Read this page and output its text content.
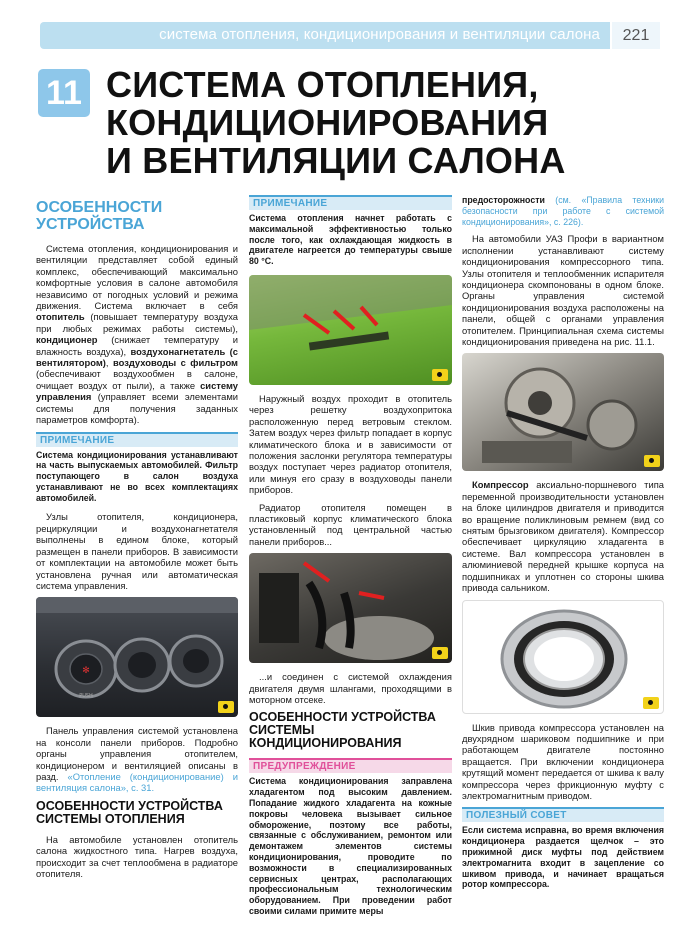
система отопления, кондиционирования и вентиляции салона	221
11 СИСТЕМА ОТОПЛЕНИЯ,
КОНДИЦИОНИРОВАНИЯ
И ВЕНТИЛЯЦИИ САЛОНА
ОСОБЕННОСТИ
УСТРОЙСТВА

Система отопления, кондиционирования и вентиляции представляет собой единый комплекс, обеспечивающий максимально комфортные условия в салоне автомобиля независимо от погодных условий и режима движения. Система включает в себя отопитель (повышает температуру воздуха при любых режимах работы системы), кондиционер (снижает температуру и влажность воздуха), воздухонагнетатель (с вентилятором), воздуховоды с фильтром (обеспечивают воздухообмен в салоне, очищает воздух от пыли), а также систему управления (управляет всеми элементами системы для получения заданных параметров комфорта).

ПРИМЕЧАНИЕ

Система кондиционирования устанавливают на часть выпускаемых автомобилей. Фильтр поступающего в салон воздуха устанавливают не во всех комплектациях автомобилей.

Узлы отопителя, кондиционера, рециркуляции и воздухонагнетателя выполнены в едином блоке, который размещен в панели приборов. В зависимости от комплектации на автомобиле может быть установлена ручная или автоматическая система управления.

✻
PUSH

Панель управления системой установлена на консоли панели приборов. Подробно органы управления отопителем, кондиционером и вентиляцией описаны в разд. «Отопление (кондиционирование) и вентиляция салона», с. 31.

ОСОБЕННОСТИ УСТРОЙСТВА
СИСТЕМЫ ОТОПЛЕНИЯ

На автомобиле установлен отопитель салона жидкостного типа. Нагрев воздуха, происходит за счет теплообмена в радиаторе отопителя.

ПРИМЕЧАНИЕ

Система отопления начнет работать с максимальной эффективностью только после того, как охлаждающая жидкость в двигателе нагреется до температуры свыше 80 °C.

Наружный воздух проходит в отопитель через решетку воздухопритока расположенную перед ветровым стеклом. Затем воздух через фильтр попадает в корпус климатического блока и в зависимости от положения заслонки регулятора температуры воздух поступает через радиатор отопителя, или минуя его сразу в воздуховоды панели приборов.

Радиатор отопителя помещен в пластиковый корпус климатического блока установленный под центральной частью панели приборов...

...и соединен с системой охлаждения двигателя двумя шлангами, проходящими в моторном отсеке.

ОСОБЕННОСТИ УСТРОЙСТВА
СИСТЕМЫ
КОНДИЦИОНИРОВАНИЯ
ПРЕДУПРЕЖДЕНИЕ

Система кондиционирования заправлена хладагентом под высоким давлением. Попадание жидкого хладагента на кожные покровы человека вызывает сильное обморожение, поэтому все работы, связанные с обслуживанием, ремонтом или демонтажем элементов системы кондиционирования, проводите по возможности в специализированных сервисных центрах, располагающих профессиональным технологическим оборудованием. При проведении работ своими силами примите меры

предосторожности (см. «Правила техники безопасности при работе с системой кондиционирования», с. 226).

На автомобили УАЗ Профи в вариантном исполнении устанавливают систему кондиционирования компрессорного типа. Узлы отопителя и теплообменник испарителя кондиционера скомпонованы в одном блоке. Органы управления системой кондиционирования воздуха расположены на панели, общей с органами управления отопителем. Принципиальная схема системы кондиционирования приведена на рис. 11.1.

Компрессор аксиально-поршневого типа переменной производительности установлен на блоке цилиндров двигателя и приводится во вращение поликлиновым ремнем (вид со снятым брызговиком двигателя). Компрессор обеспечивает циркуляцию хладагента в системе. Вал компрессора установлен в алюминиевой передней крышке корпуса на подшипниках и уплотнен со стороны шкива привода сальником.

Шкив привода компрессора установлен на двухрядном шариковом подшипнике и при работающем двигателе постоянно вращается. При включении кондиционера крутящий момент передается от шкива к валу компрессора через фрикционную муфту с электромагнитным приводом.

ПОЛЕЗНЫЙ СОВЕТ

Если система исправна, во время включения кондиционера раздается щелчок – это прижимной диск муфты под действием электромагнита входит в зацепление со шкивом привода, и начинает вращаться ротор компрессора.
